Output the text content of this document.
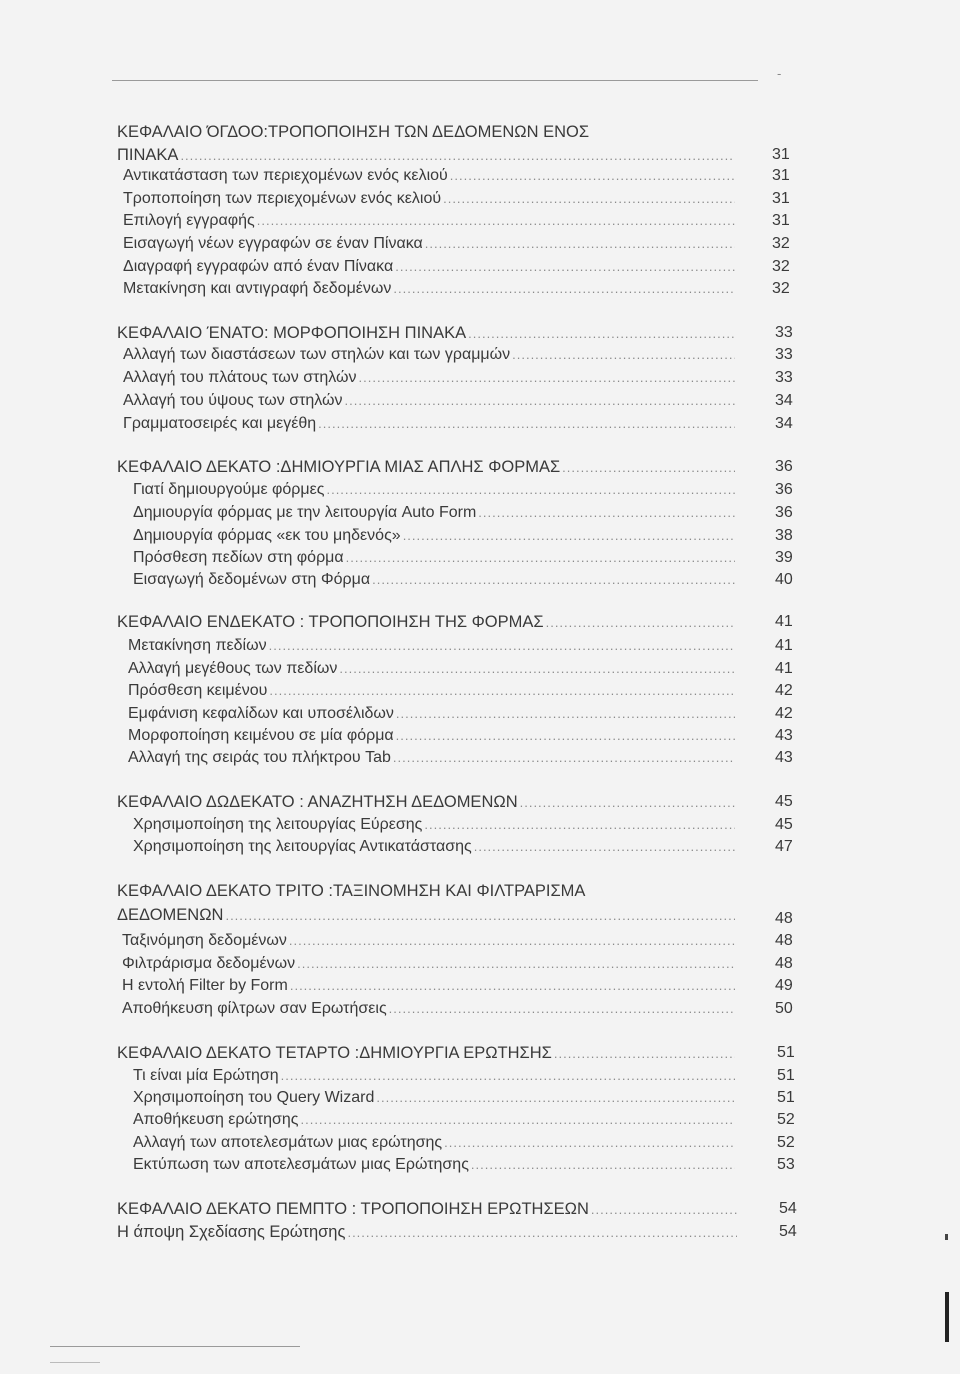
-
ΚΕΦΑΛΑΙΟ ΌΓΔΟΟ:ΤΡΟΠΟΠΟΙΗΣΗ ΤΩΝ ΔΕΔΟΜΕΝΩΝ ΕΝΟΣ
ΠΙΝΑΚΑ .....	31
Αντικατάσταση των περιεχομένων ενός κελιού .....	31
Τροποποίηση των περιεχομένων ενός κελιού .....	31
Επιλογή εγγραφής .....	31
Εισαγωγή νέων εγγραφών σε έναν Πίνακα .....	32
Διαγραφή εγγραφών από έναν Πίνακα .....	32
Μετακίνηση και αντιγραφή δεδομένων .....	32
ΚΕΦΑΛΑΙΟ ΈΝΑΤΟ: ΜΟΡΦΟΠΟΙΗΣΗ ΠΙΝΑΚΑ .....	33
Αλλαγή των διαστάσεων των στηλών και των γραμμών .....	33
Αλλαγή του πλάτους των στηλών .....	33
Αλλαγή του ύψους των στηλών .....	34
Γραμματοσειρές και μεγέθη .....	34
ΚΕΦΑΛΑΙΟ ΔΕΚΑΤΟ :ΔΗΜΙΟΥΡΓΙΑ ΜΙΑΣ ΑΠΛΗΣ ΦΟΡΜΑΣ .....	36
Γιατί δημιουργούμε φόρμες .....	36
Δημιουργία φόρμας με την λειτουργία Auto Form .....	36
Δημιουργία φόρμας «εκ του μηδενός» .....	38
Πρόσθεση πεδίων στη φόρμα .....	39
Εισαγωγή δεδομένων στη Φόρμα .....	40
ΚΕΦΑΛΑΙΟ ΕΝΔΕΚΑΤΟ : ΤΡΟΠΟΠΟΙΗΣΗ ΤΗΣ ΦΟΡΜΑΣ .....	41
Μετακίνηση πεδίων .....	41
Αλλαγή μεγέθους των πεδίων .....	41
Πρόσθεση κειμένου .....	42
Εμφάνιση κεφαλίδων και υποσέλιδων .....	42
Μορφοποίηση κειμένου σε μία φόρμα .....	43
Αλλαγή της σειράς του πλήκτρου Tab .....	43
ΚΕΦΑΛΑΙΟ ΔΩΔΕΚΑΤΟ : ΑΝΑΖΗΤΗΣΗ ΔΕΔΟΜΕΝΩΝ .....	45
Χρησιμοποίηση της λειτουργίας Εύρεσης .....	45
Χρησιμοποίηση της λειτουργίας Αντικατάστασης .....	47
ΚΕΦΑΛΑΙΟ ΔΕΚΑΤΟ ΤΡΙΤΟ :ΤΑΞΙΝΟΜΗΣΗ ΚΑΙ ΦΙΛΤΡΑΡΙΣΜΑ
ΔΕΔΟΜΕΝΩΝ .....	48
Ταξινόμηση δεδομένων .....	48
Φιλτράρισμα δεδομένων .....	48
Η εντολή Filter by Form .....	49
Αποθήκευση φίλτρων σαν Ερωτήσεις .....	50
ΚΕΦΑΛΑΙΟ ΔΕΚΑΤΟ ΤΕΤΑΡΤΟ :ΔΗΜΙΟΥΡΓΙΑ ΕΡΩΤΗΣΗΣ .....	51
Τι είναι μία Ερώτηση .....	51
Χρησιμοποίηση του Query Wizard .....	51
Αποθήκευση ερώτησης .....	52
Αλλαγή των αποτελεσμάτων μιας ερώτησης .....	52
Εκτύπωση των αποτελεσμάτων μιας Ερώτησης .....	53
ΚΕΦΑΛΑΙΟ ΔΕΚΑΤΟ ΠΕΜΠΤΟ : ΤΡΟΠΟΠΟΙΗΣΗ ΕΡΩΤΗΣΕΩΝ .....	54
Η άποψη Σχεδίασης Ερώτησης .....	54
